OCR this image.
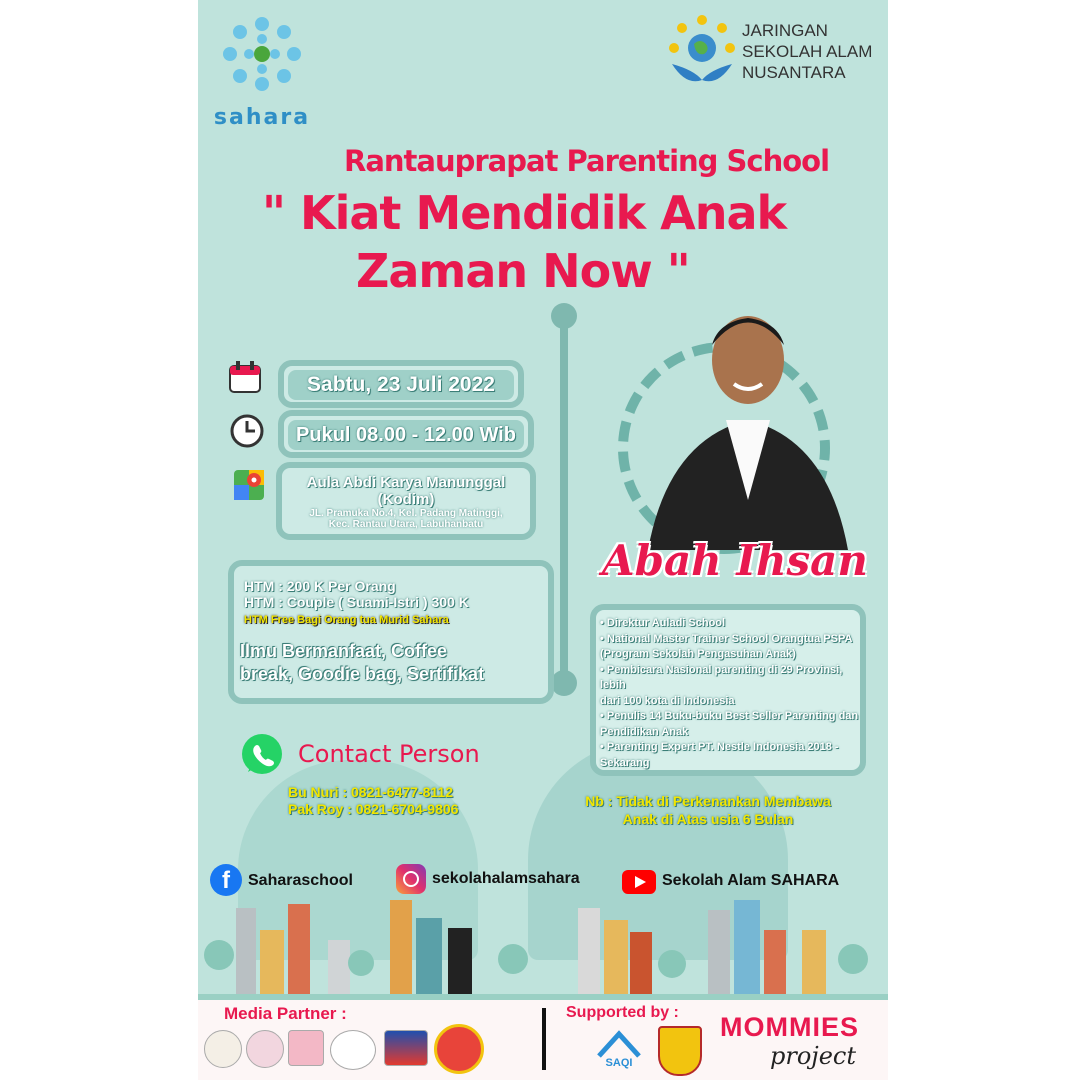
sahara
JARINGAN
SEKOLAH ALAM
NUSANTARA
Rantauprapat Parenting School
" Kiat Mendidik Anak
Zaman Now "
Sabtu, 23 Juli 2022
Pukul 08.00 - 12.00 Wib
Aula Abdi Karya Manunggal
(Kodim)
JL. Pramuka No.4, Kel. Padang Matinggi,
Kec. Rantau Utara, Labuhanbatu
HTM : 200 K Per Orang
HTM : Couple ( Suami-Istri ) 300 K
HTM Free Bagi Orang tua Murid Sahara
Ilmu Bermanfaat, Coffee
break, Goodie bag, Sertifikat
Abah Ihsan
• Direktur Auladi School
• National Master Trainer School Orangtua PSPA
(Program Sekolah Pengasuhan Anak)
• Pembicara Nasional parenting di 29 Provinsi, lebih
dari 100 kota di Indonesia
• Penulis 14 Buku-buku Best Seller Parenting dan
Pendidikan Anak
• Parenting Expert PT. Nestle Indonesia 2018 -
Sekarang
Contact Person
Bu Nuri : 0821-6477-8112
Pak Roy : 0821-6704-9806	Nb : Tidak di Perkenankan Membawa
Anak di Atas usia 6 Bulan
f	Saharaschool	sekolahalamsahara	Sekolah Alam SAHARA
Media Partner :	Supported by :
SAQI
MOMMIES
project
